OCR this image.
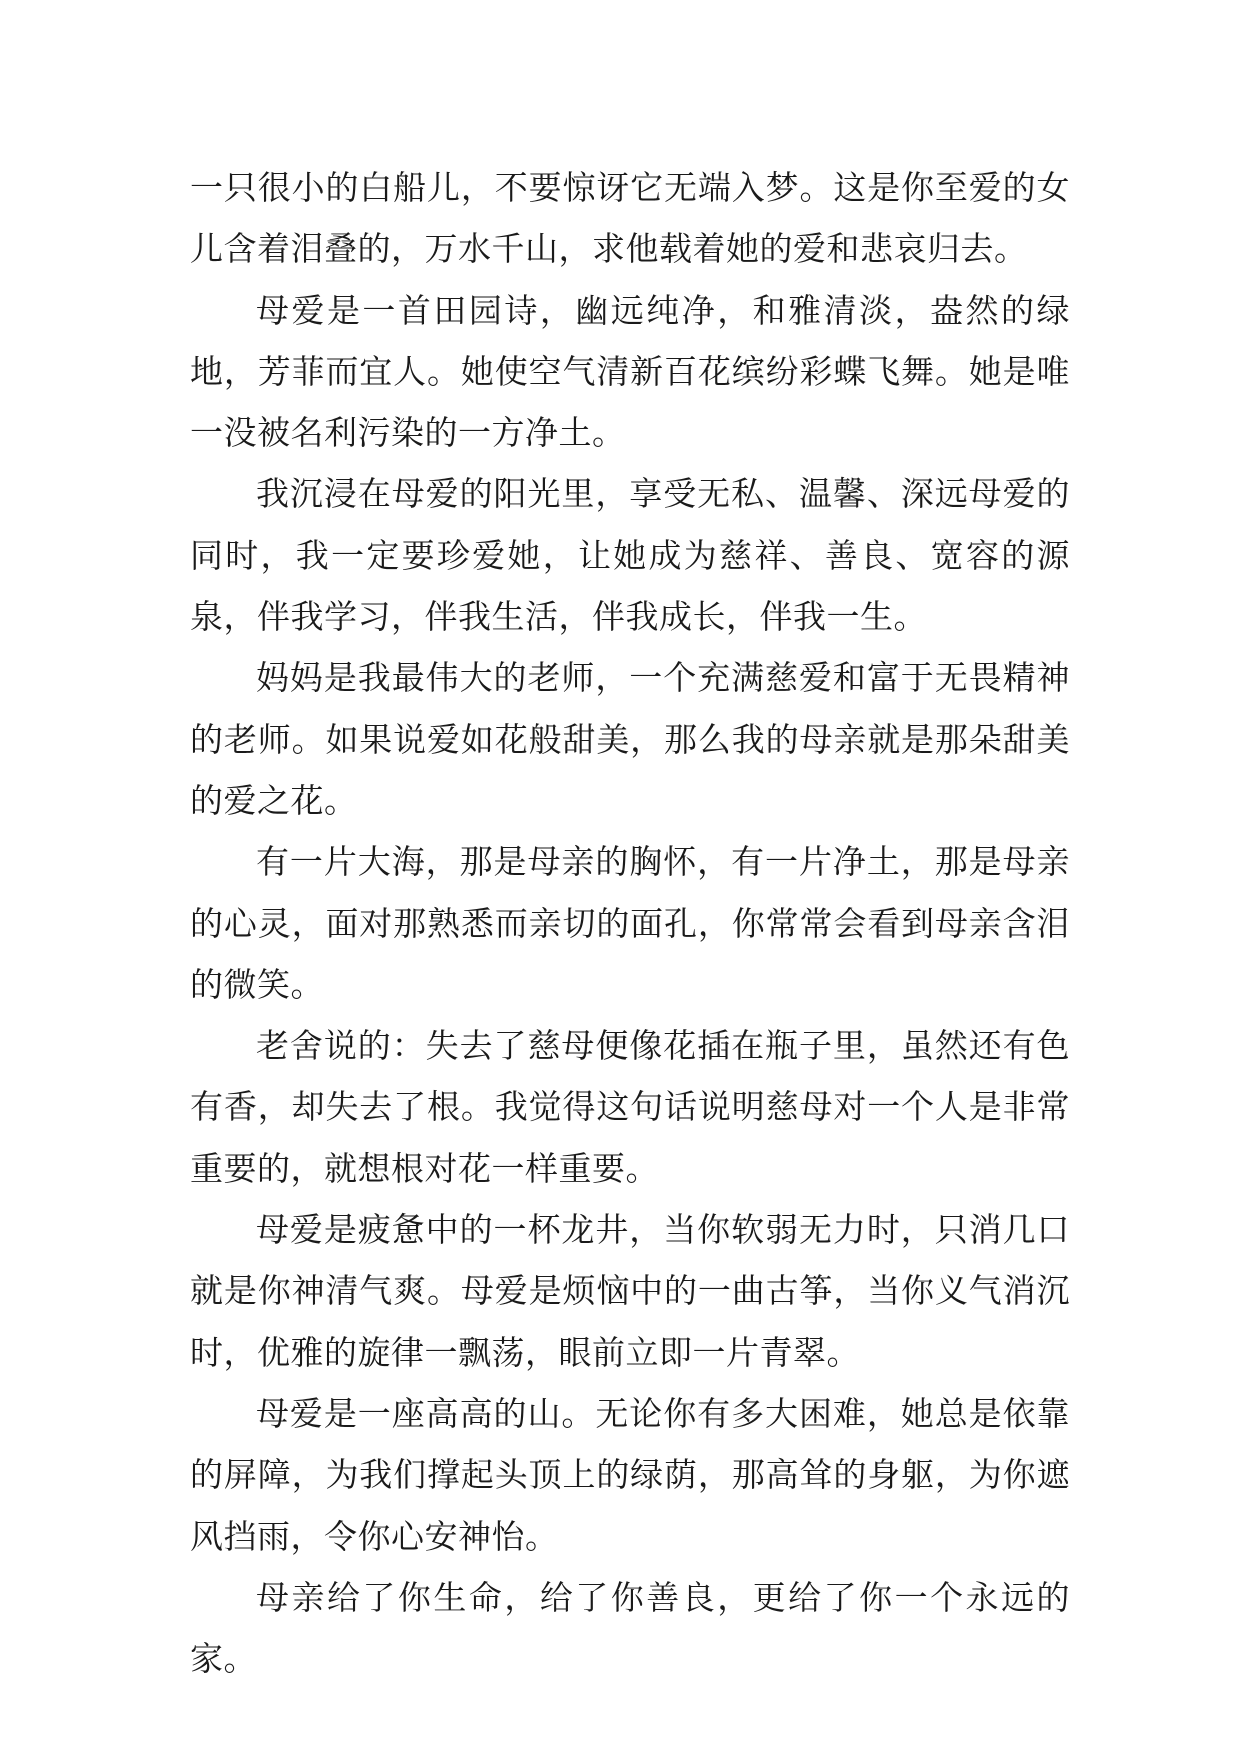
一只很小的白船儿，不要惊讶它无端入梦。这是你至爱的女儿含着泪叠的，万水千山，求他载着她的爱和悲哀归去。

母爱是一首田园诗，幽远纯净，和雅清淡，盎然的绿地，芳菲而宜人。她使空气清新百花缤纷彩蝶飞舞。她是唯一没被名利污染的一方净土。

我沉浸在母爱的阳光里，享受无私、温馨、深远母爱的同时，我一定要珍爱她，让她成为慈祥、善良、宽容的源泉，伴我学习，伴我生活，伴我成长，伴我一生。

妈妈是我最伟大的老师，一个充满慈爱和富于无畏精神的老师。如果说爱如花般甜美，那么我的母亲就是那朵甜美的爱之花。

有一片大海，那是母亲的胸怀，有一片净土，那是母亲的心灵，面对那熟悉而亲切的面孔，你常常会看到母亲含泪的微笑。

老舍说的：失去了慈母便像花插在瓶子里，虽然还有色有香，却失去了根。我觉得这句话说明慈母对一个人是非常重要的，就想根对花一样重要。

母爱是疲惫中的一杯龙井，当你软弱无力时，只消几口就是你神清气爽。母爱是烦恼中的一曲古筝，当你义气消沉时，优雅的旋律一飘荡，眼前立即一片青翠。

母爱是一座高高的山。无论你有多大困难，她总是依靠的屏障，为我们撑起头顶上的绿荫，那高耸的身躯，为你遮风挡雨，令你心安神怡。

母亲给了你生命，给了你善良，更给了你一个永远的家。
